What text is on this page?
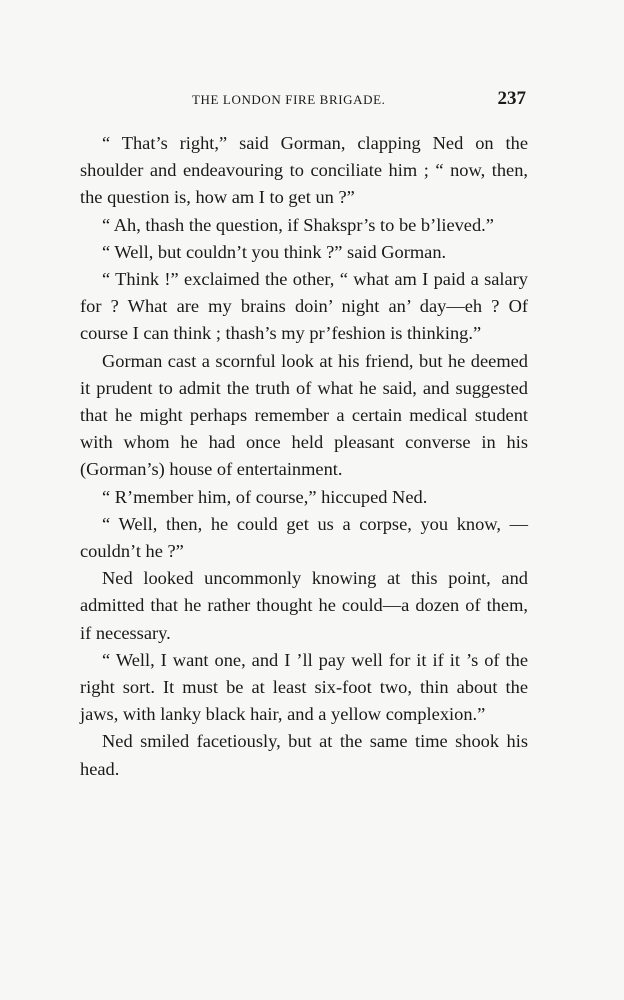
THE LONDON FIRE BRIGADE.	237

“ That’s right,” said Gorman, clapping Ned on the shoulder and endeavouring to conciliate him ; “ now, then, the question is, how am I to get un ?”

“ Ah, thash the question, if Shakspr’s to be b’lieved.”

“ Well, but couldn’t you think ?” said Gorman.

“ Think !” exclaimed the other, “ what am I paid a salary for ? What are my brains doin’ night an’ day—eh ? Of course I can think ; thash’s my pr’feshion is thinking.”

Gorman cast a scornful look at his friend, but he deemed it prudent to admit the truth of what he said, and suggested that he might perhaps remember a certain medical student with whom he had once held pleasant converse in his (Gorman’s) house of entertainment.

“ R’member him, of course,” hiccuped Ned.

“ Well, then, he could get us a corpse, you know, —couldn’t he ?”

Ned looked uncommonly knowing at this point, and admitted that he rather thought he could—a dozen of them, if necessary.

“ Well, I want one, and I ’ll pay well for it if it ’s of the right sort. It must be at least six-foot two, thin about the jaws, with lanky black hair, and a yellow complexion.”

Ned smiled facetiously, but at the same time shook his head.
